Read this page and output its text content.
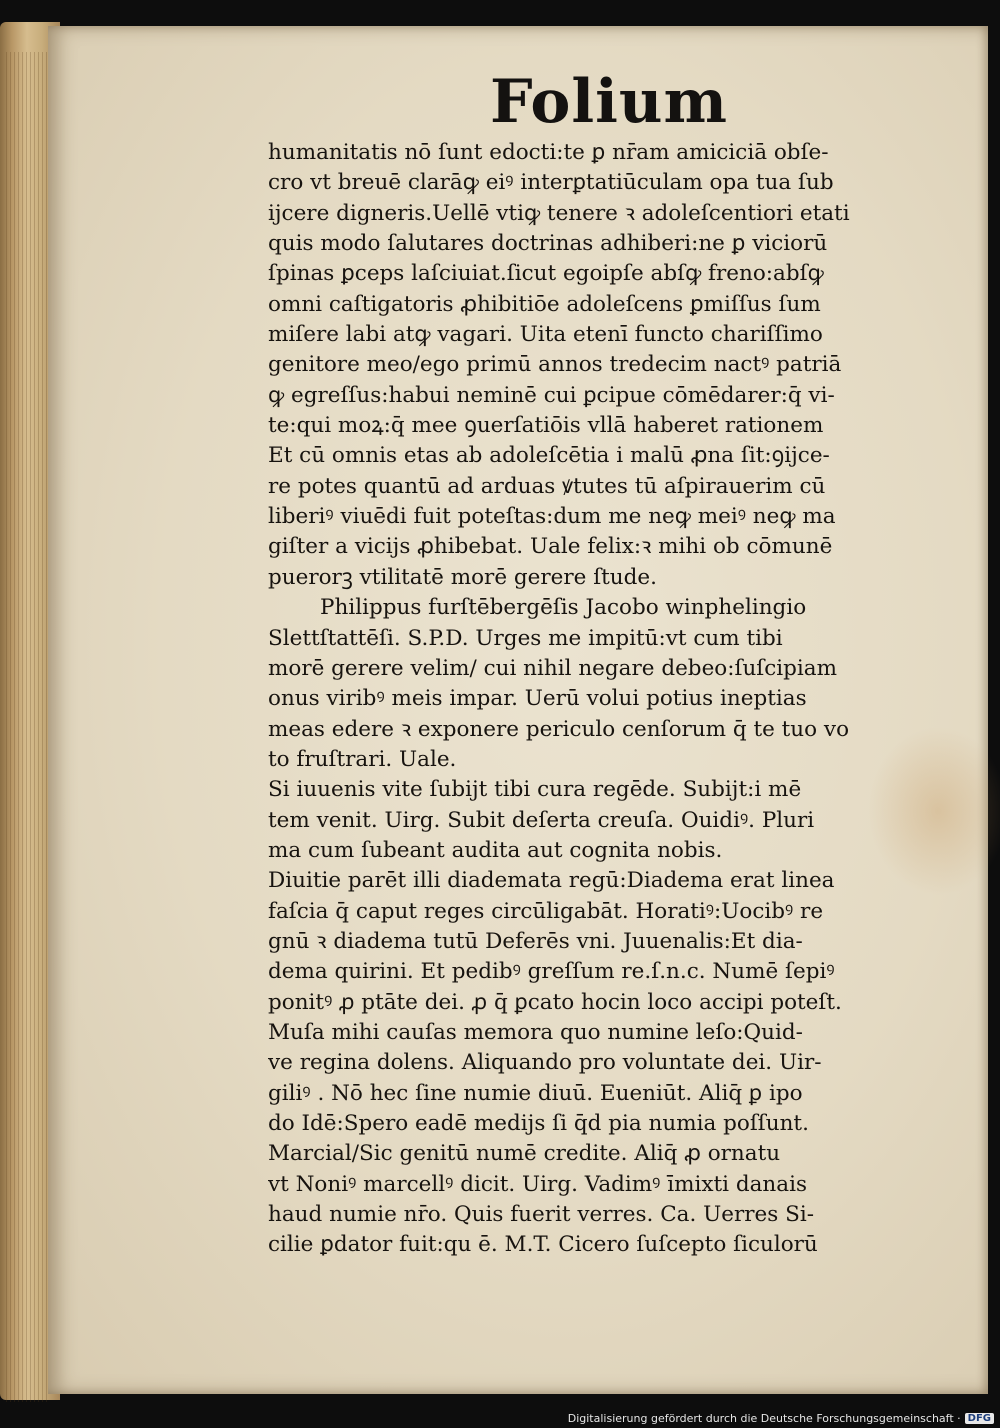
Folium
humanitatis nō ſunt edocti:te ꝑ nr̄am amiciciā obſe-
cro vt breuē clarāꝙ eiꝰ interꝑtatiūculam opa tua ſub
ijcere digneris.Uellē vtiꝙ tenere ꝛ adoleſcentiori etati
quis modo ſalutares doctrinas adhiberi:ne ꝑ viciorū
ſpinas ꝑceps laſciuiat.ſicut egoipſe abſꝙ freno:abſꝙ
omni caſtigatoris ꝓhibitiōe adoleſcens ꝑmiſſus ſum
miſere labi atꝙ vagari. Uita etenī functo chariſſimo
genitore meo/ego primū annos tredecim nactꝰ patriā
ꝙ egreſſus:habui neminē cui ꝑcipue cōmēdarer:q̄ vi-
te:qui moꝝ:q̄ mee ꝯuerſatiōis vllā haberet rationem
Et cū omnis etas ab adoleſcētia i malū ꝓna ſit:ꝯijce-
re potes quantū ad arduas ꝟtutes tū aſpirauerim cū
liberiꝰ viuēdi fuit poteſtas:dum me neꝙ meiꝰ neꝙ ma
giſter a vicijs ꝓhibebat. Uale felix:ꝛ mihi ob cōmunē
puerorꝫ vtilitatē morē gerere ſtude.
Philippus furſtēbergēſis Jacobo winphelingio
Slettſtattēſi. S.P.D. Urges me impitū:vt cum tibi
morē gerere velim/ cui nihil negare debeo:ſuſcipiam
onus viribꝰ meis impar. Uerū volui potius ineptias
meas edere ꝛ exponere periculo cenſorum q̄ te tuo vo
to fruſtrari. Uale.
Si iuuenis vite ſubijt tibi cura regēde. Subijt:i mē
tem venit. Uirg. Subit deſerta creuſa. Ouidiꝰ. Pluri
ma cum ſubeant audita aut cognita nobis.
Diuitie parēt illi diademata regū:Diadema erat linea
faſcia q̄ caput reges circūligabāt. Horatiꝰ:Uocibꝰ re
gnū ꝛ diadema tutū Deferēs vni. Juuenalis:Et dia-
dema quirini. Et pedibꝰ greſſum re.ſ.n.c. Numē ſepiꝰ
ponitꝰ ꝓ ptāte dei. ꝓ q̄ ꝑcato hocin loco accipi poteſt.
Muſa mihi cauſas memora quo numine leſo:Quid-
ve regina dolens. Aliquando pro voluntate dei. Uir-
giliꝰ . Nō hec ſine numie diuū. Eueniūt. Aliq̄ ꝑ ipo
do Idē:Spero eadē medijs ſi q̄d pia numia poſſunt.
Marcial/Sic genitū numē credite. Aliq̄ ꝓ ornatu
vt Noniꝰ marcellꝰ dicit. Uirg. Vadimꝰ īmixti danais
haud numie nr̄o. Quis fuerit verres. Ca. Uerres Si-
cilie ꝑdator fuit:qu ē. M.T. Cicero ſuſcepto ſiculorū
Digitalisierung gefördert durch die Deutsche Forschungsgemeinschaft · DFG
